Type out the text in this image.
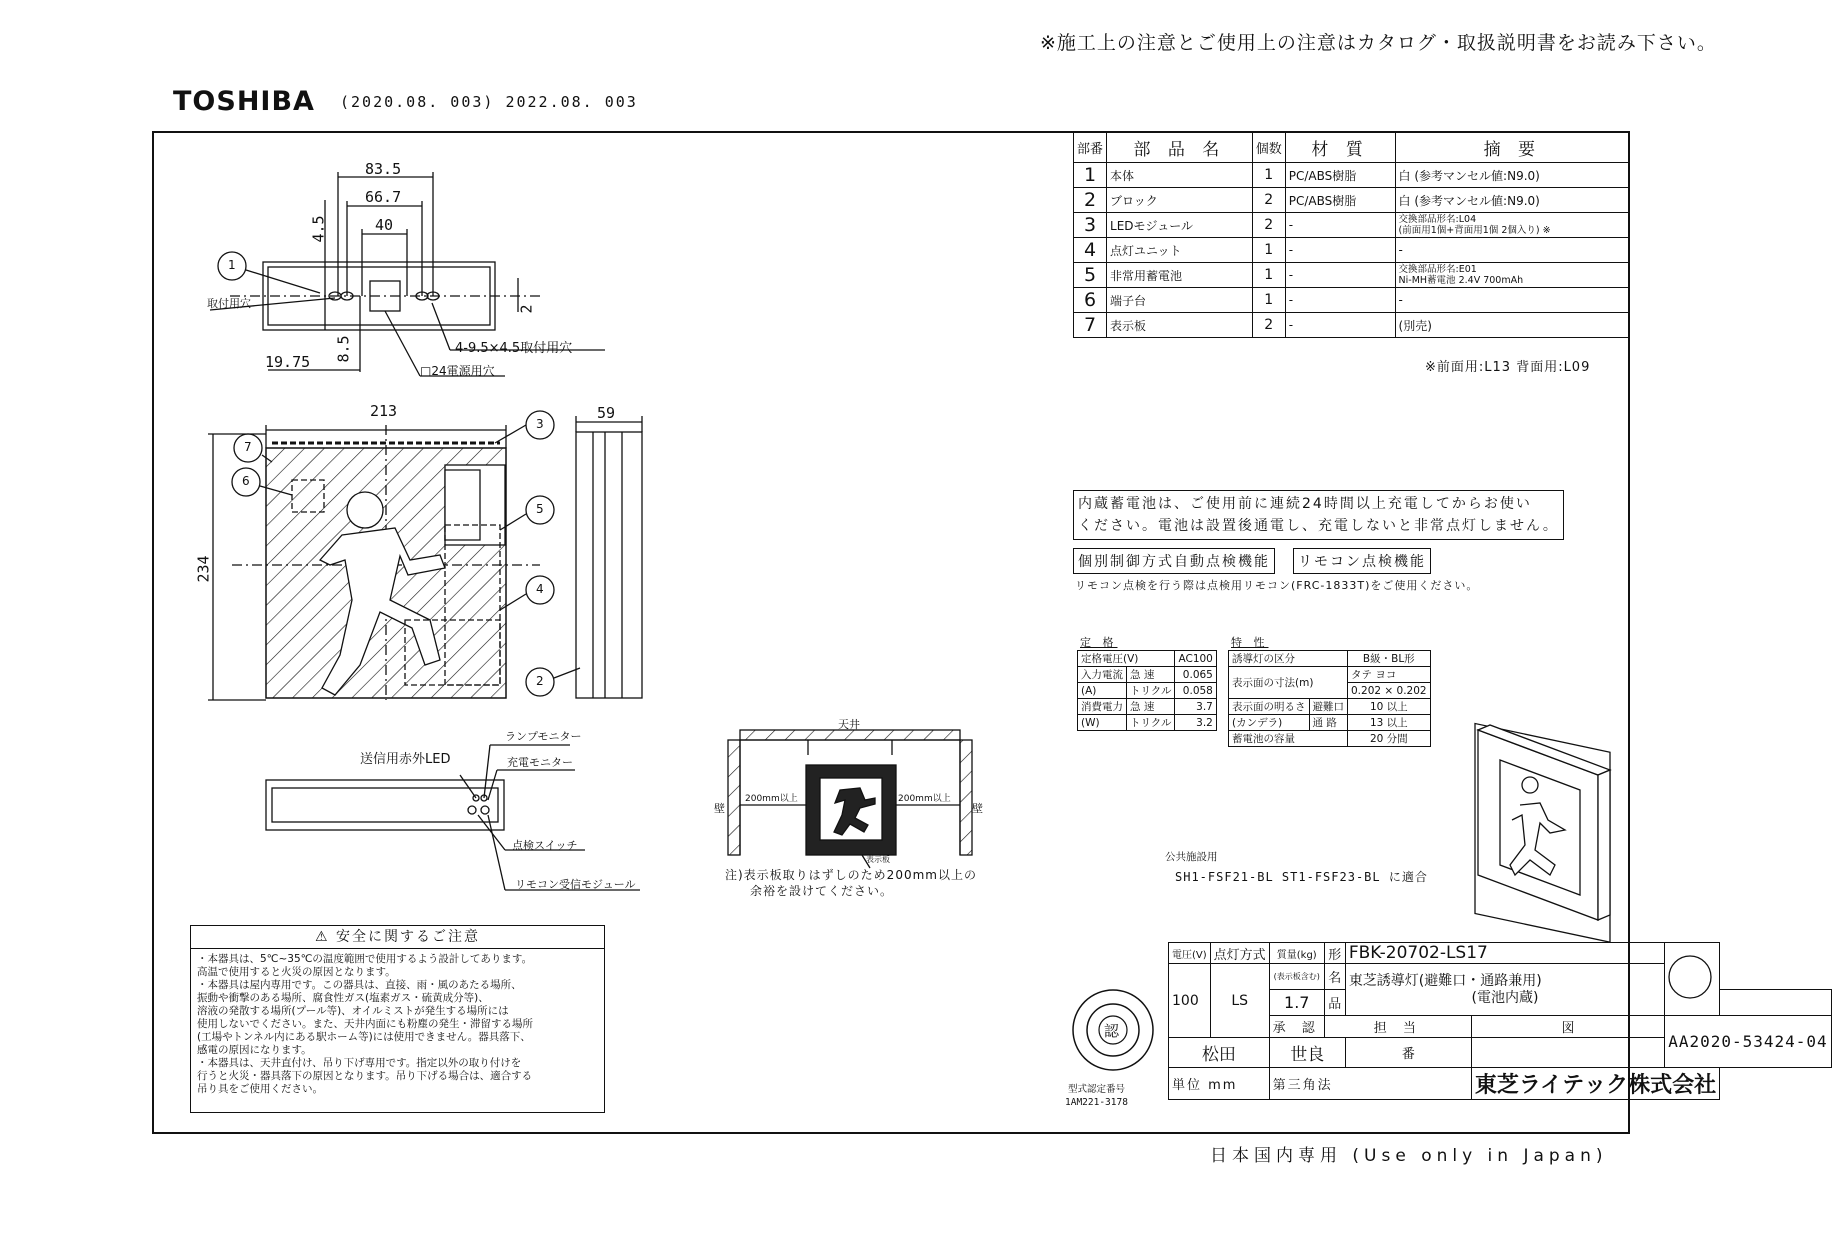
※施工上の注意とご使用上の注意はカタログ・取扱説明書をお読み下さい。
TOSHIBA (2020.08. 003) 2022.08. 003
83.5
66.7
40
4.5
8.5
2
19.75
213
234
59
取付用穴
4-9.5×4.5取付用穴
□24電源用穴
送信用赤外LED
ランプモニター
充電モニター
点検スイッチ
リモコン受信モジュール
1
2
3
4
5
6
7
天井
壁	壁
200mm以上	200mm以上
表示板
注)表示板取りはずしのため200mm以上の
余裕を設けてください。
部番	部 品 名	個数	材 質	摘 要
1	本体	1	PC/ABS樹脂	白 (参考マンセル値:N9.0)
2	ブロック	2	PC/ABS樹脂	白 (参考マンセル値:N9.0)
3	LEDモジュール	2	-	交換部品形名:L04
(前面用1個+背面用1個 2個入り) ※

4	点灯ユニット	1	-	-
5	非常用蓄電池	1	-	交換部品形名:E01
Ni-MH蓄電池 2.4V 700mAh

6	端子台	1	-	-
7	表示板	2	-	(別売)
※前面用:L13 背面用:L09
内蔵蓄電池は、ご使用前に連続24時間以上充電してからお使い
ください。電池は設置後通電し、充電しないと非常点灯しません。
個別制御方式自動点検機能	リモコン点検機能
リモコン点検を行う際は点検用リモコン(FRC-1833T)をご使用ください。
定 格	特 性
定格電圧(V)		AC100
入力電流	急 速	0.065
(A)	トリクル	0.058
消費電力	急 速	3.7
(W)	トリクル	3.2
誘導灯の区分		B級・BL形
表示面の寸法(m)		タテ ヨコ
		0.202 × 0.202
表示面の明るさ	避難口	10 以上
(カンデラ)	通 路	13 以上
蓄電池の容量		20 分間
公共施設用
SH1-FSF21-BL ST1-FSF23-BL に適合
⚠ 安全に関するご注意
・本器具は、5℃~35℃の温度範囲で使用するよう設計してあります。
高温で使用すると火災の原因となります。
・本器具は屋内専用です。この器具は、直接、雨・風のあたる場所、
振動や衝撃のある場所、腐食性ガス(塩素ガス・硫黄成分等)、
溶液の発散する場所(プール等)、オイルミストが発生する場所には
使用しないでください。また、天井内面にも粉塵の発生・滞留する場所
(工場やトンネル内にある駅ホーム等)には使用できません。器具落下、
感電の原因になります。
・本器具は、天井直付け、吊り下げ専用です。指定以外の取り付けを
行うと火災・器具落下の原因となります。吊り下げる場合は、適合する
吊り具をご使用ください。
認
型式認定番号
1AM221-3178
電圧(V)	点灯方式	質量(kg)	形	FBK-20702-LS17	
100	LS	(表示板含む)	名	東芝誘導灯(避難口・通路兼用)
(電池内蔵)			

		1.7	品				
		承 認	担 当		図	AA2020-53424-04	
松田		世良		番			
単位 mm		第三角法			東芝ライテック株式会社		
日本国内専用 (Use only in Japan)
